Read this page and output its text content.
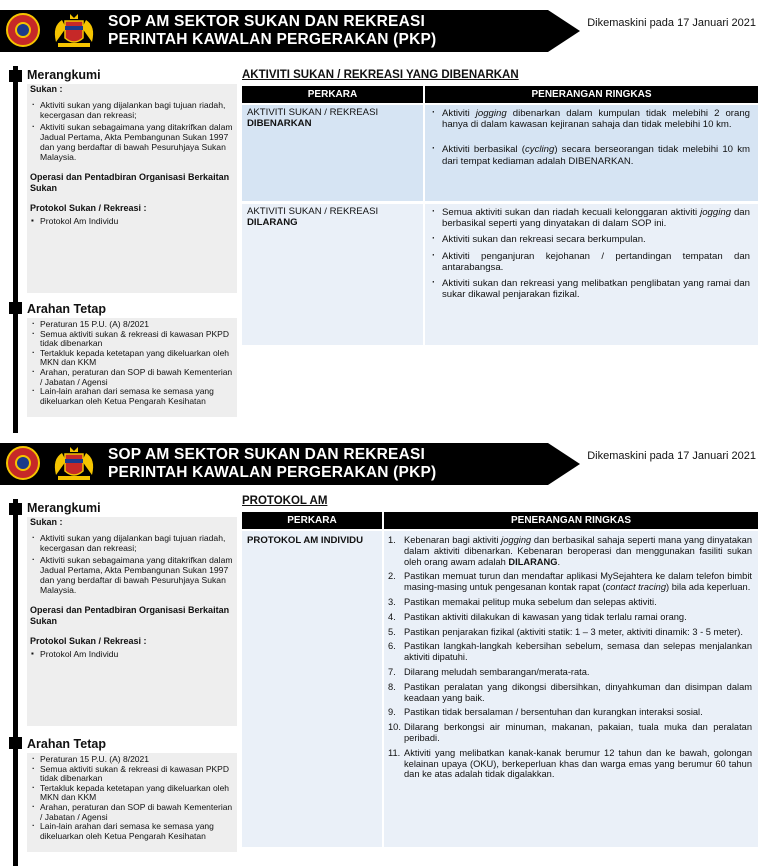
SOP AM SEKTOR SUKAN DAN REKREASI
PERINTAH KAWALAN PERGERAKAN (PKP)
Dikemaskini pada 17 Januari 2021
Merangkumi
Sukan :
· Aktiviti sukan yang dijalankan bagi tujuan riadah, kecergasan dan rekreasi;
· Aktiviti sukan sebagaimana yang ditakrifkan dalam Jadual Pertama, Akta Pembangunan Sukan 1997 dan yang berdaftar di bawah Pesuruhjaya Sukan Malaysia.
Operasi dan Pentadbiran Organisasi Berkaitan Sukan
Protokol Sukan / Rekreasi :
▪ Protokol Am Individu
Arahan Tetap
· Peraturan 15 P.U. (A) 8/2021
· Semua aktiviti sukan & rekreasi di kawasan PKPD tidak dibenarkan
· Tertakluk kepada ketetapan yang dikeluarkan oleh MKN dan KKM
· Arahan, peraturan dan SOP di bawah Kementerian / Jabatan / Agensi
· Lain-lain arahan dari semasa ke semasa yang dikeluarkan oleh Ketua Pengarah Kesihatan
AKTIVITI SUKAN / REKREASI YANG DIBENARKAN
PERKARA	PENERANGAN RINGKAS
AKTIVITI SUKAN / REKREASI
DIBENARKAN
· Aktiviti jogging dibenarkan dalam kumpulan tidak melebihi 2 orang hanya di dalam kawasan kejiranan sahaja dan tidak melebihi 10 km.
· Aktiviti berbasikal (cycling) secara berseorangan tidak melebihi 10 km dari tempat kediaman adalah DIBENARKAN.
AKTIVITI SUKAN / REKREASI
DILARANG
· Semua aktiviti sukan dan riadah kecuali kelonggaran aktiviti jogging dan berbasikal seperti yang dinyatakan di dalam SOP ini.
· Aktiviti sukan dan rekreasi secara berkumpulan.
· Aktiviti penganjuran kejohanan / pertandingan tempatan dan antarabangsa.
· Aktiviti sukan dan rekreasi yang melibatkan penglibatan yang ramai dan sukar dikawal penjarakan fizikal.
SOP AM SEKTOR SUKAN DAN REKREASI
PERINTAH KAWALAN PERGERAKAN (PKP)
Dikemaskini pada 17 Januari 2021
Merangkumi
Sukan :
· Aktiviti sukan yang dijalankan bagi tujuan riadah, kecergasan dan rekreasi;
· Aktiviti sukan sebagaimana yang ditakrifkan dalam Jadual Pertama, Akta Pembangunan Sukan 1997 dan yang berdaftar di bawah Pesuruhjaya Sukan Malaysia.
Operasi dan Pentadbiran Organisasi Berkaitan Sukan
Protokol Sukan / Rekreasi :
▪ Protokol Am Individu
Arahan Tetap
· Peraturan 15 P.U. (A) 8/2021
· Semua aktiviti sukan & rekreasi di kawasan PKPD tidak dibenarkan
· Tertakluk kepada ketetapan yang dikeluarkan oleh MKN dan KKM
· Arahan, peraturan dan SOP di bawah Kementerian / Jabatan / Agensi
· Lain-lain arahan dari semasa ke semasa yang dikeluarkan oleh Ketua Pengarah Kesihatan
PROTOKOL AM
PERKARA	PENERANGAN RINGKAS
PROTOKOL AM INDIVIDU	1. Kebenaran bagi aktiviti jogging dan berbasikal sahaja seperti mana yang dinyatakan dalam aktiviti dibenarkan. Kebenaran beroperasi dan menggunakan fasiliti sukan oleh orang awam adalah DILARANG.
2. Pastikan memuat turun dan mendaftar aplikasi MySejahtera ke dalam telefon bimbit masing-masing untuk pengesanan kontak rapat (contact tracing) bila ada keperluan.
3. Pastikan memakai pelitup muka sebelum dan selepas aktiviti.
4. Pastikan aktiviti dilakukan di kawasan yang tidak terlalu ramai orang.
5. Pastikan penjarakan fizikal (aktiviti statik: 1 – 3 meter, aktiviti dinamik: 3 - 5 meter).
6. Pastikan langkah-langkah kebersihan sebelum, semasa dan selepas menjalankan aktiviti dipatuhi.
7. Dilarang meludah sembarangan/merata-rata.
8. Pastikan peralatan yang dikongsi dibersihkan, dinyahkuman dan disimpan dalam keadaan yang baik.
9. Pastikan tidak bersalaman / bersentuhan dan kurangkan interaksi sosial.
10. Dilarang berkongsi air minuman, makanan, pakaian, tuala muka dan peralatan peribadi.
11. Aktiviti yang melibatkan kanak-kanak berumur 12 tahun dan ke bawah, golongan kelainan upaya (OKU), berkeperluan khas dan warga emas yang berumur 60 tahun dan ke atas adalah tidak digalakkan.
